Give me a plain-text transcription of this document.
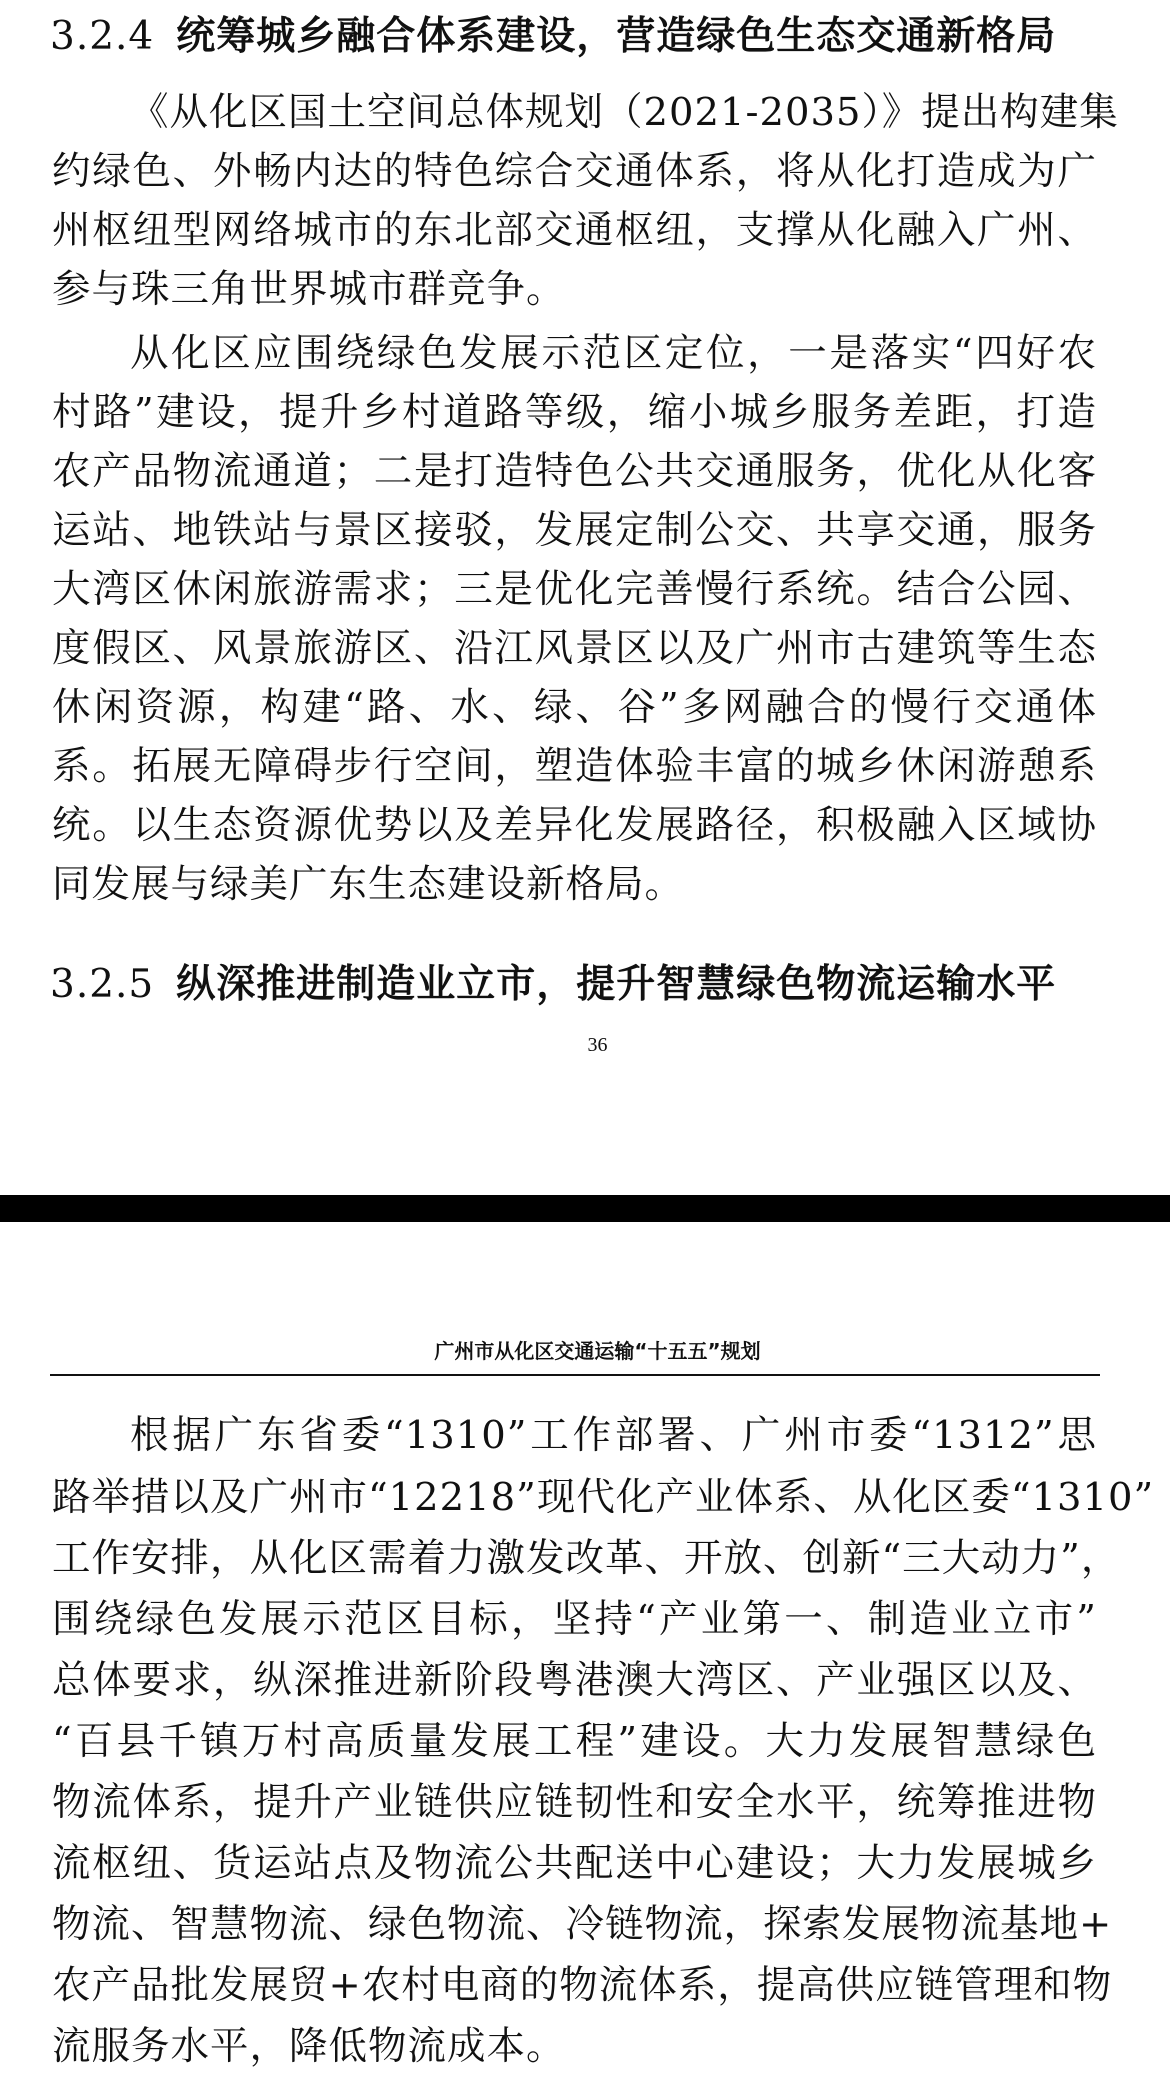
3.2.4 统筹城乡融合体系建设，营造绿色生态交通新格局
《从化区国土空间总体规划（2021-2035）》提出构建集
约绿色、外畅内达的特色综合交通体系，将从化打造成为广
州枢纽型网络城市的东北部交通枢纽，支撑从化融入广州、
参与珠三角世界城市群竞争。
从化区应围绕绿色发展示范区定位，一是落实“四好农
村路”建设，提升乡村道路等级，缩小城乡服务差距，打造
农产品物流通道；二是打造特色公共交通服务，优化从化客
运站、地铁站与景区接驳，发展定制公交、共享交通，服务
大湾区休闲旅游需求；三是优化完善慢行系统。结合公园、
度假区、风景旅游区、沿江风景区以及广州市古建筑等生态
休闲资源，构建“路、水、绿、谷”多网融合的慢行交通体
系。拓展无障碍步行空间，塑造体验丰富的城乡休闲游憩系
统。以生态资源优势以及差异化发展路径，积极融入区域协
同发展与绿美广东生态建设新格局。
3.2.5 纵深推进制造业立市，提升智慧绿色物流运输水平
36
广州市从化区交通运输“十五五”规划
根据广东省委“1310”工作部署、广州市委“1312”思
路举措以及广州市“12218”现代化产业体系、从化区委“1310”
工作安排，从化区需着力激发改革、开放、创新“三大动力”，
围绕绿色发展示范区目标，坚持“产业第一、制造业立市”
总体要求，纵深推进新阶段粤港澳大湾区、产业强区以及、
“百县千镇万村高质量发展工程”建设。大力发展智慧绿色
物流体系，提升产业链供应链韧性和安全水平，统筹推进物
流枢纽、货运站点及物流公共配送中心建设；大力发展城乡
物流、智慧物流、绿色物流、冷链物流，探索发展物流基地+
农产品批发展贸+农村电商的物流体系，提高供应链管理和物
流服务水平，降低物流成本。
